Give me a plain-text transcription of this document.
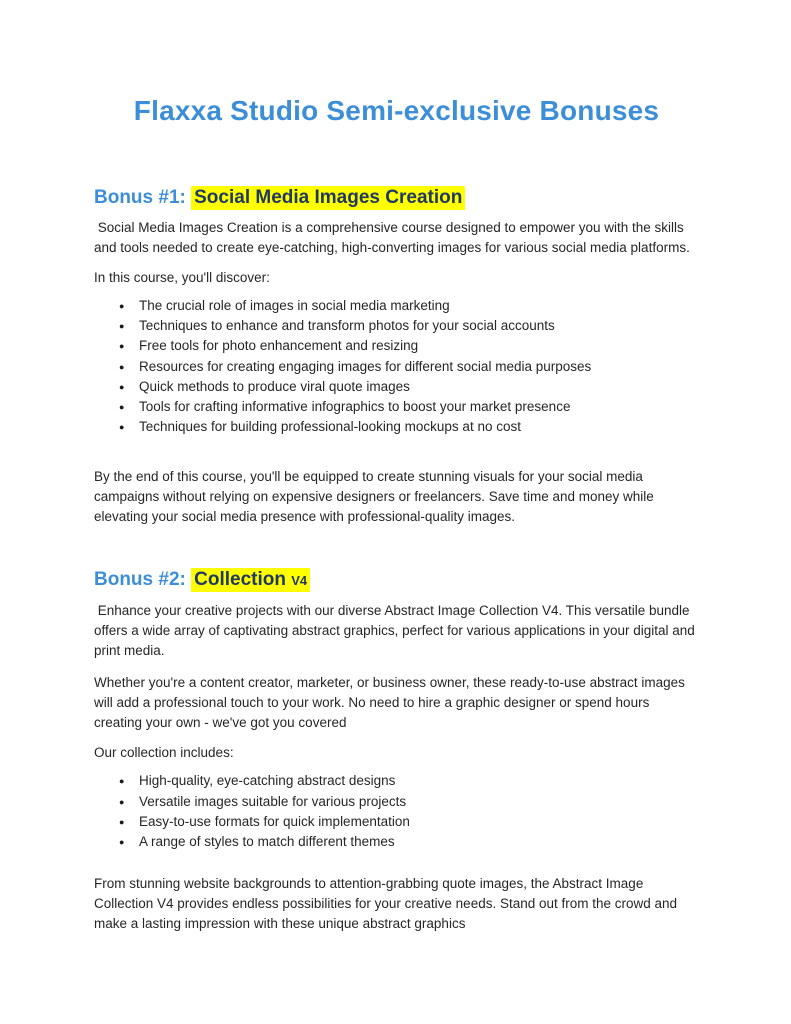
Flaxxa Studio Semi-exclusive Bonuses
Bonus #1: Social Media Images Creation

Social Media Images Creation is a comprehensive course designed to empower you with the skills and tools needed to create eye-catching, high-converting images for various social media platforms.

In this course, you'll discover:

● The crucial role of images in social media marketing
● Techniques to enhance and transform photos for your social accounts
● Free tools for photo enhancement and resizing
● Resources for creating engaging images for different social media purposes
● Quick methods to produce viral quote images
● Tools for crafting informative infographics to boost your market presence
● Techniques for building professional-looking mockups at no cost

By the end of this course, you'll be equipped to create stunning visuals for your social media campaigns without relying on expensive designers or freelancers. Save time and money while elevating your social media presence with professional-quality images.

Bonus #2: Collection V4

Enhance your creative projects with our diverse Abstract Image Collection V4. This versatile bundle offers a wide array of captivating abstract graphics, perfect for various applications in your digital and print media.

Whether you're a content creator, marketer, or business owner, these ready-to-use abstract images will add a professional touch to your work. No need to hire a graphic designer or spend hours creating your own - we've got you covered

Our collection includes:

● High-quality, eye-catching abstract designs
● Versatile images suitable for various projects
● Easy-to-use formats for quick implementation
● A range of styles to match different themes

From stunning website backgrounds to attention-grabbing quote images, the Abstract Image Collection V4 provides endless possibilities for your creative needs. Stand out from the crowd and make a lasting impression with these unique abstract graphics
